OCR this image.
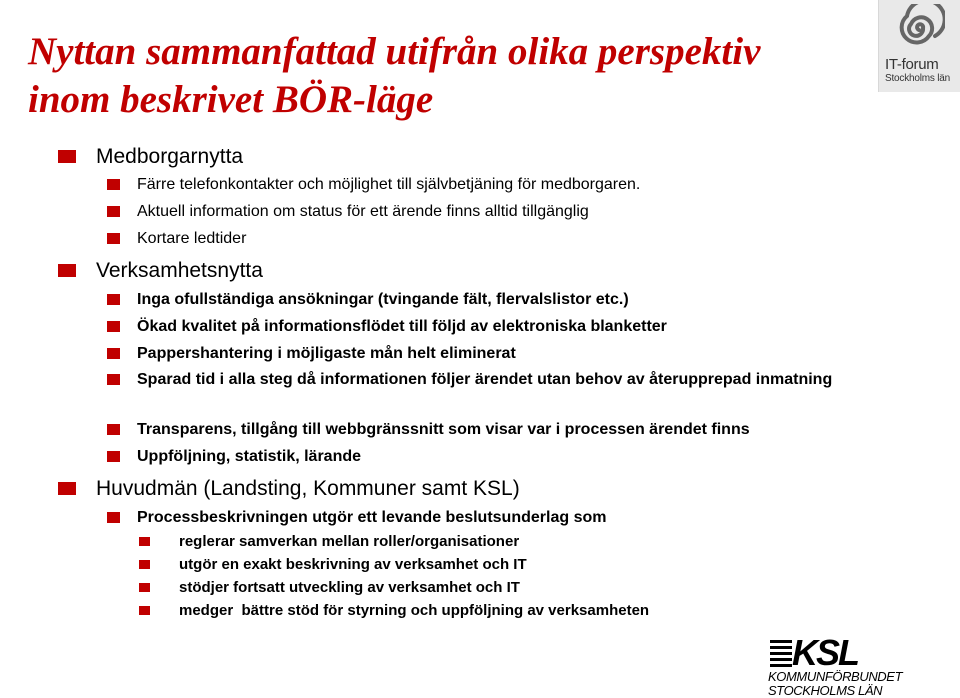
Nyttan sammanfattad utifrån olika perspektiv
inom beskrivet BÖR-läge
IT-forum
Stockholms län
Medborgarnytta
Färre telefonkontakter och möjlighet till självbetjäning för medborgaren.
Aktuell information om status för ett ärende finns alltid tillgänglig
Kortare ledtider
Verksamhetsnytta
Inga ofullständiga ansökningar (tvingande fält, flervalslistor etc.)
Ökad kvalitet på informationsflödet till följd av elektroniska blanketter
Pappershantering i möjligaste mån helt eliminerat
Sparad tid i alla steg då informationen följer ärendet utan behov av återupprepad inmatning
Transparens, tillgång till webbgränssnitt som visar var i processen ärendet finns
Uppföljning, statistik, lärande
Huvudmän (Landsting, Kommuner samt KSL)
Processbeskrivningen utgör ett levande beslutsunderlag som
reglerar samverkan mellan roller/organisationer
utgör en exakt beskrivning av verksamhet och IT
stödjer fortsatt utveckling av verksamhet och IT
medger  bättre stöd för styrning och uppföljning av verksamheten
KSL
KOMMUNFÖRBUNDET
STOCKHOLMS LÄN
